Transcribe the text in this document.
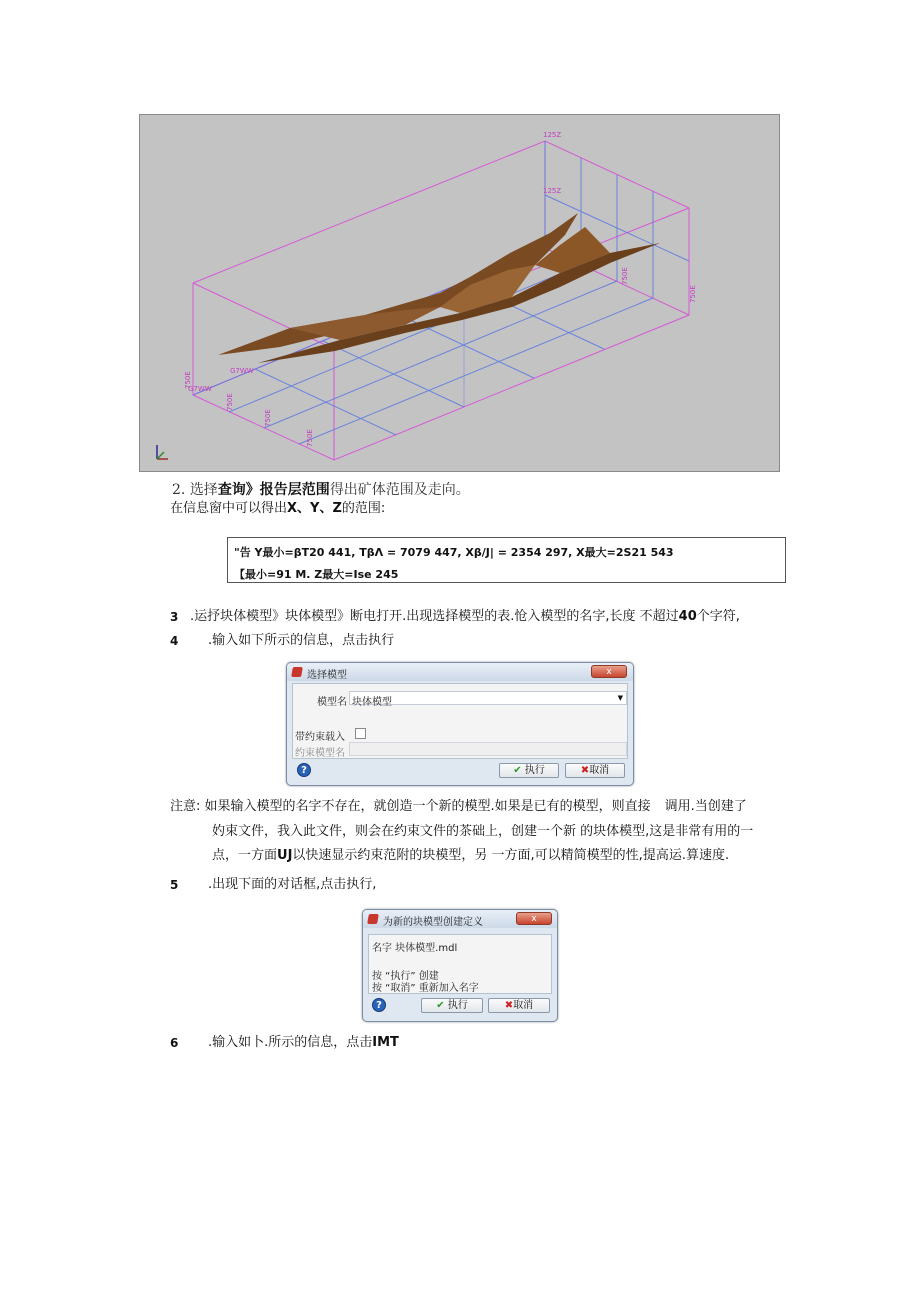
125Z
125Z
G7WW
G7WW
750E
750E
750E
750E
750E
750E
2. 选择查询》报告层范围得出矿体范围及走向。
在信息窗中可以得出X、Y、Z的范围:
"告 Y最小=βT20 441, TβΛ = 7079 447, Xβ/J| = 2354 297, X最大=2S21 543
【最小=91 M. Z最大=Ise 245
3 .运抒块体模型》块体模型》断电打开.出现选择模型的表.怆入模型的名字,长度 不超过40个字符,
4 .输入如下所示的信息，点击执行
选择模型	x
模型名 块体模型	▼
带约束载入
约束模型名
?	✔ 执行	✖取消
注意: 如果输入模型的名字不存在，就创造一个新的模型.如果是已有的模型，则直接 调用.当创建了
妁束文件，我入此文件，则会在约束文件的茶础上，创建一个新 的块体模型,这是非常有用的一
点，一方面UJ以快速显示约束范附的块模型，另 一方面,可以精简模型的性,提高运.算速度.
5 .出现下面的对话框,点击执行,
为新的块模型创建定义	x
名字 块体模型.mdl
按 “执行” 创建
按 “取消” 重新加入名字
?	✔ 执行	✖取消
6 .输入如卜.所示的信息，点击IMT
